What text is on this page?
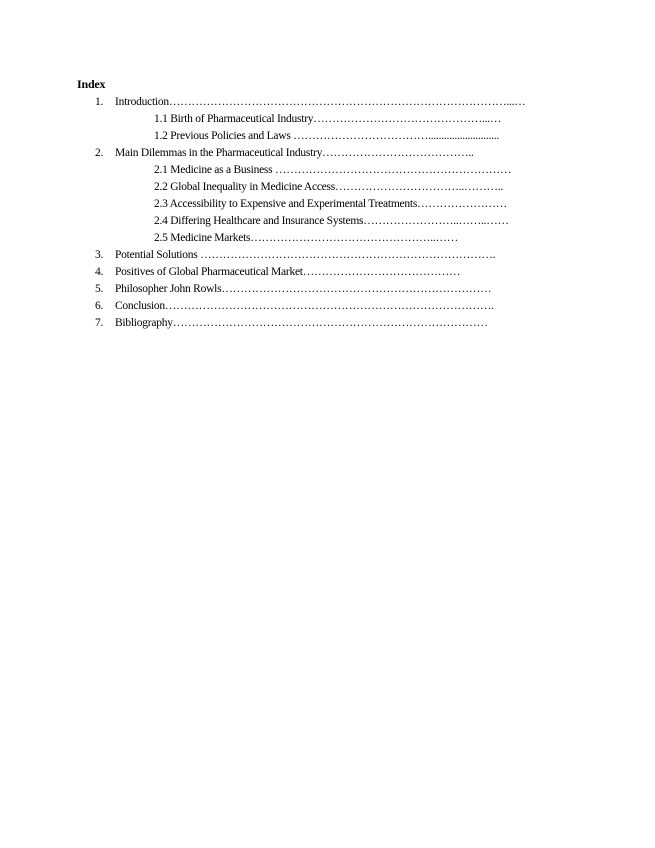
Index
1.	Introduction………………………………………………………………………………...…
1.1 Birth of Pharmaceutical Industry………………………………………...…
1.2 Previous Policies and Laws ………………………………...........................
2.	Main Dilemmas in the Pharmaceutical Industry…………………………………..
2.1 Medicine as a Business ………………………………………………………
2.2 Global Inequality in Medicine Access……………………………..………..
2.3 Accessibility to Expensive and Experimental Treatments……………………
2.4 Differing Healthcare and Insurance Systems……………………..……..……
2.5 Medicine Markets…………………………………………..……
3.	Potential Solutions …………………………………………………………………….
4.	Positives of Global Pharmaceutical Market……………………………………
5.	Philosopher John Rowls………………………………………………………………
6.	Conclusion…………………………………………………………………………….
7.	Bibliography…………………………………………………………………………
